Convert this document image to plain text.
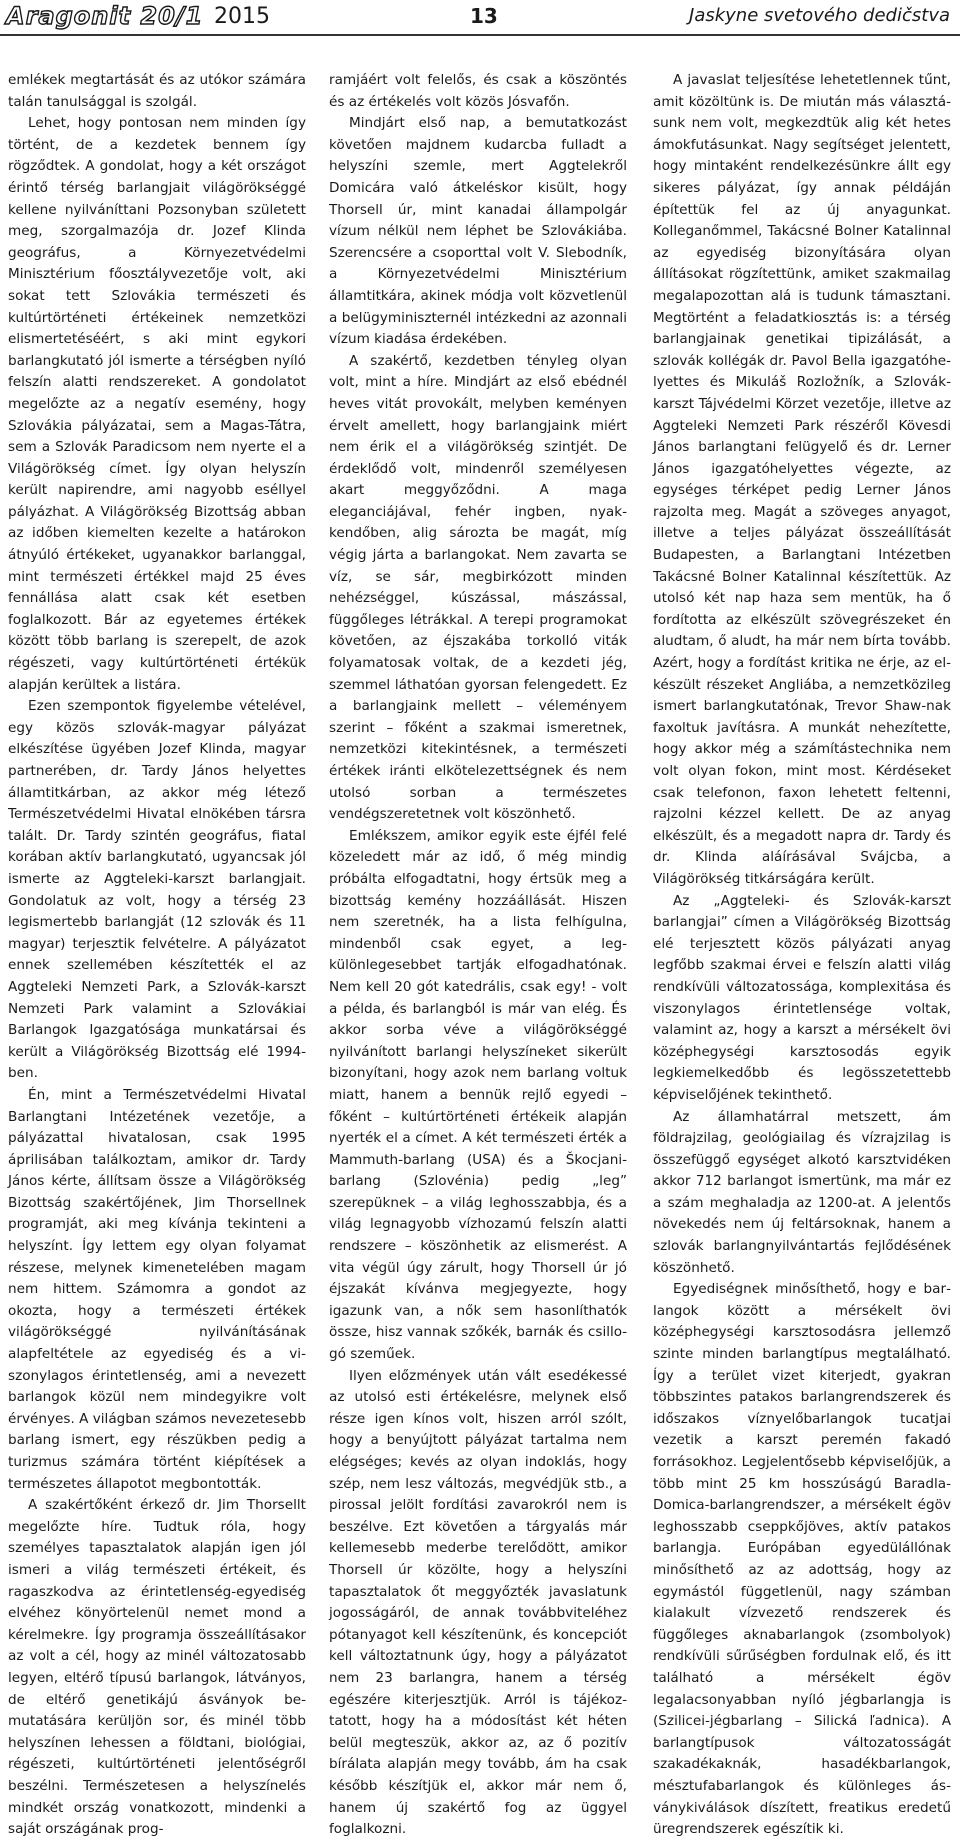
Aragonit 20/1 2015	13	Jaskyne svetového dedičstva

emlékek megtartását és az utókor számára talán tanulsággal is szolgál.

Lehet, hogy pontosan nem minden így történt, de a kezdetek bennem így rögződtek. A gondolat, hogy a két országot érintő térség barlangjait világörökséggé kellene nyilváníttani Pozsonyban született meg, szorgalmazója dr. Jozef Klinda geográfus, a Környezetvédelmi Minisztérium főosztályvezetője volt, aki sokat tett Szlovákia természeti és kultúrtörténeti értékeinek nemzetközi elismertetéséért, s aki mint egykori barlangkutató jól ismerte a térségben nyíló felszín alatti rendszereket. A gondolatot megelőzte az a negatív esemény, hogy Szlovákia pályázatai, sem a Magas-Tátra, sem a Szlovák Paradicsom nem nyerte el a Világörökség címet. Így olyan helyszín került napirendre, ami nagyobb eséllyel pályázhat. A Világörökség Bizottság abban az időben kiemelten kezelte a határokon átnyúló értékeket, ugyanakkor barlanggal, mint természeti értékkel majd 25 éves fennállása alatt csak két esetben foglalkozott. Bár az egyetemes értékek között több barlang is szerepelt, de azok régészeti, vagy kultúrtörténeti értékük alapján kerültek a listára.

Ezen szempontok figyelembe vételével, egy közös szlovák-magyar pályázat elkészítése ügyében Jozef Klinda, magyar partnerében, dr. Tardy János helyettes államtitkárban, az akkor még létező Természetvédelmi Hivatal elnökében társra talált. Dr. Tardy szintén geográfus, fiatal korában aktív barlangkutató, ugyancsak jól ismerte az Aggteleki-karszt barlangjait. Gondolatuk az volt, hogy a térség 23 legismertebb barlangját (12 szlovák és 11 magyar) terjesztik felvételre. A pályázatot ennek szellemében készítették el az Aggteleki Nemzeti Park, a Szlovák-karszt Nemzeti Park valamint a Szlovákiai Barlangok Igazgatósága munkatársai és került a Világörökség Bizottság elé 1994-ben.

Én, mint a Természetvédelmi Hivatal Barlangtani Intézetének vezetője, a pályázattal hivatalosan, csak 1995 áprilisában találkoztam, amikor dr. Tardy János kérte, állítsam össze a Világörökség Bizottság szakértőjének, Jim Thorsellnek programját, aki meg kívánja tekinteni a helyszínt. Így lettem egy olyan folyamat részese, melynek kimenetelében magam nem hittem. Számomra a gondot az okozta, hogy a természeti értékek világörökséggé nyilvánításának alapfeltétele az egyediség és a viszonylagos érintetlenség, ami a nevezett barlangok közül nem mindegyikre volt érvényes. A világban számos nevezetesebb barlang ismert, egy részükben pedig a turizmus számára történt kiépítések a természetes állapotot megbontották.

A szakértőként érkező dr. Jim Thorsellt megelőzte híre. Tudtuk róla, hogy személyes tapasztalatok alapján igen jól ismeri a világ természeti értékeit, és ragaszkodva az érintetlenség-egyediség elvéhez könyörtelenül nemet mond a kérelmekre. Így programja összeállításakor az volt a cél, hogy az minél változatosabb legyen, eltérő típusú barlangok, látványos, de eltérő genetikájú ásványok bemutatására kerüljön sor, és minél több helyszínen lehessen a földtani, biológiai, régészeti, kultúrtörténeti jelentőségről beszélni. Természetesen a helyszínelés mindkét ország vonatkozott, mindenki a saját országának prog-

ramjáért volt felelős, és csak a köszöntés és az értékelés volt közös Jósvafőn.

Mindjárt első nap, a bemutatkozást követően majdnem kudarcba fulladt a helyszíni szemle, mert Aggtelekről Domicára való átkeléskor kisült, hogy Thorsell úr, mint kanadai állampolgár vízum nélkül nem léphet be Szlovákiába. Szerencsére a csoporttal volt V. Slebodník, a Környezetvédelmi Minisztérium államtitkára, akinek módja volt közvetlenül a belügyminiszternél intézkedni az azonnali vízum kiadása érdekében.

A szakértő, kezdetben tényleg olyan volt, mint a híre. Mindjárt az első ebédnél heves vitát provokált, melyben keményen érvelt amellett, hogy barlangjaink miért nem érik el a világörökség szintjét. De érdeklődő volt, mindenről személyesen akart meggyőződni. A maga eleganciájával, fehér ingben, nyakkendőben, alig sározta be magát, míg végig járta a barlangokat. Nem zavarta se víz, se sár, megbirkózott minden nehézséggel, kúszással, mászással, függőleges létrákkal. A terepi programokat követően, az éjszakába torkolló viták folyamatosak voltak, de a kezdeti jég, szemmel láthatóan gyorsan felengedett. Ez a barlangjaink mellett – véleményem szerint – főként a szakmai ismeretnek, nemzetközi kitekintésnek, a természeti értékek iránti elkötelezettségnek és nem utolsó sorban a természetes vendégszeretetnek volt köszönhető.

Emlékszem, amikor egyik este éjfél felé közeledett már az idő, ő még mindig próbálta elfogadtatni, hogy értsük meg a bizottság kemény hozzáállását. Hiszen nem szeretnék, ha a lista felhígulna, mindenből csak egyet, a legkülönlegesebbet tartják elfogadhatónak. Nem kell 20 gót katedrális, csak egy! - volt a példa, és barlangból is már van elég. És akkor sorba véve a világörökséggé nyilvánított barlangi helyszíneket sikerült bizonyítani, hogy azok nem barlang voltuk miatt, hanem a bennük rejlő egyedi – főként – kultúrtörténeti értékeik alapján nyerték el a címet. A két természeti érték a Mammuth-barlang (USA) és a Škocjani-barlang (Szlovénia) pedig „leg” szerepüknek – a világ leghosszabbja, és a világ legnagyobb vízhozamú felszín alatti rendszere – köszönhetik az elismerést. A vita végül úgy zárult, hogy Thorsell úr jó éjszakát kívánva megjegyezte, hogy igazunk van, a nők sem hasonlíthatók össze, hisz vannak szőkék, barnák és csillogó szeműek.

Ilyen előzmények után vált esedékessé az utolsó esti értékelésre, melynek első része igen kínos volt, hiszen arról szólt, hogy a benyújtott pályázat tartalma nem elégséges; kevés az olyan indoklás, hogy szép, nem lesz változás, megvédjük stb., a pirossal jelölt fordítási zavarokról nem is beszélve. Ezt követően a tárgyalás már kellemesebb mederbe terelődött, amikor Thorsell úr közölte, hogy a helyszíni tapasztalatok őt meggyőzték javaslatunk jogosságáról, de annak továbbviteléhez pótanyagot kell készítenünk, és koncepciót kell változtatnunk úgy, hogy a pályázatot nem 23 barlangra, hanem a térség egészére kiterjesztjük. Arról is tájékoztatott, hogy ha a módosítást két héten belül megteszük, akkor az, az ő pozitív bírálata alapján megy tovább, ám ha csak később készítjük el, akkor már nem ő, hanem új szakértő fog az üggyel foglalkozni.

A javaslat teljesítése lehetetlennek tűnt, amit közöltünk is. De miután más választásunk nem volt, megkezdtük alig két hetes ámokfutásunkat. Nagy segítséget jelentett, hogy mintaként rendelkezésünkre állt egy sikeres pályázat, így annak példáján építettük fel az új anyagunkat. Kolleganőmmel, Takácsné Bolner Katalinnal az egyediség bizonyítására olyan állításokat rögzítettünk, amiket szakmailag megalapozottan alá is tudunk támasztani. Megtörtént a feladatkiosztás is: a térség barlangjainak genetikai tipizálását, a szlovák kollégák dr. Pavol Bella igazgatóhelyettes és Mikuláš Rozložník, a Szlovák-karszt Tájvédelmi Körzet vezetője, illetve az Aggteleki Nemzeti Park részéről Kövesdi János barlangtani felügyelő és dr. Lerner János igazgatóhelyettes végezte, az egységes térképet pedig Lerner János rajzolta meg. Magát a szöveges anyagot, illetve a teljes pályázat összeállítását Budapesten, a Barlangtani Intézetben Takácsné Bolner Katalinnal készítettük. Az utolsó két nap haza sem mentük, ha ő fordította az elkészült szövegrészeket én aludtam, ő aludt, ha már nem bírta tovább. Azért, hogy a fordítást kritika ne érje, az elkészült részeket Angliába, a nemzetközileg ismert barlangkutatónak, Trevor Shaw-nak faxoltuk javításra. A munkát nehezítette, hogy akkor még a számítástechnika nem volt olyan fokon, mint most. Kérdéseket csak telefonon, faxon lehetett feltenni, rajzolni kézzel kellett. De az anyag elkészült, és a megadott napra dr. Tardy és dr. Klinda aláírásával Svájcba, a Világörökség titkárságára került.

Az „Aggteleki- és Szlovák-karszt barlangjai” címen a Világörökség Bizottság elé terjesztett közös pályázati anyag legfőbb szakmai érvei e felszín alatti világ rendkívüli változatossága, komplexitása és viszonylagos érintetlensége voltak, valamint az, hogy a karszt a mérsékelt övi középhegységi karsztosodás egyik legkiemelkedőbb és legösszetettebb képviselőjének tekinthető.

Az államhatárral metszett, ám földrajzilag, geológiailag és vízrajzilag is összefüggő egységet alkotó karsztvidéken akkor 712 barlangot ismertünk, ma már ez a szám meghaladja az 1200-at. A jelentős növekedés nem új feltársoknak, hanem a szlovák barlangnyilvántartás fejlődésének köszönhető.

Egyediségnek minősíthető, hogy e barlangok között a mérsékelt övi középhegységi karsztosodásra jellemző szinte minden barlangtípus megtalálható. Így a terület vizet kiterjedt, gyakran többszintes patakos barlangrendszerek és időszakos víznyelőbarlangok tucatjai vezetik a karszt peremén fakadó forrásokhoz. Legjelentősebb képviselőjük, a több mint 25 km hosszúságú Baradla-Domica-barlangrendszer, a mérsékelt égöv leghosszabb cseppkőjöves, aktív patakos barlangja. Európában egyedülállónak minősíthető az az adottság, hogy az egymástól függetlenül, nagy számban kialakult vízvezető rendszerek és függőleges aknabarlangok (zsombolyok) rendkívüli sűrűségben fordulnak elő, és itt található a mérsékelt égöv legalacsonyabban nyíló jégbarlangja is (Szilicei-jégbarlang – Silická ľadnica). A barlangtípusok változatosságát szakadékaknák, hasadékbarlangok, mésztufabarlangok és különleges ásványkiválások díszített, freatikus eredetű üregrendszerek egészítik ki.
